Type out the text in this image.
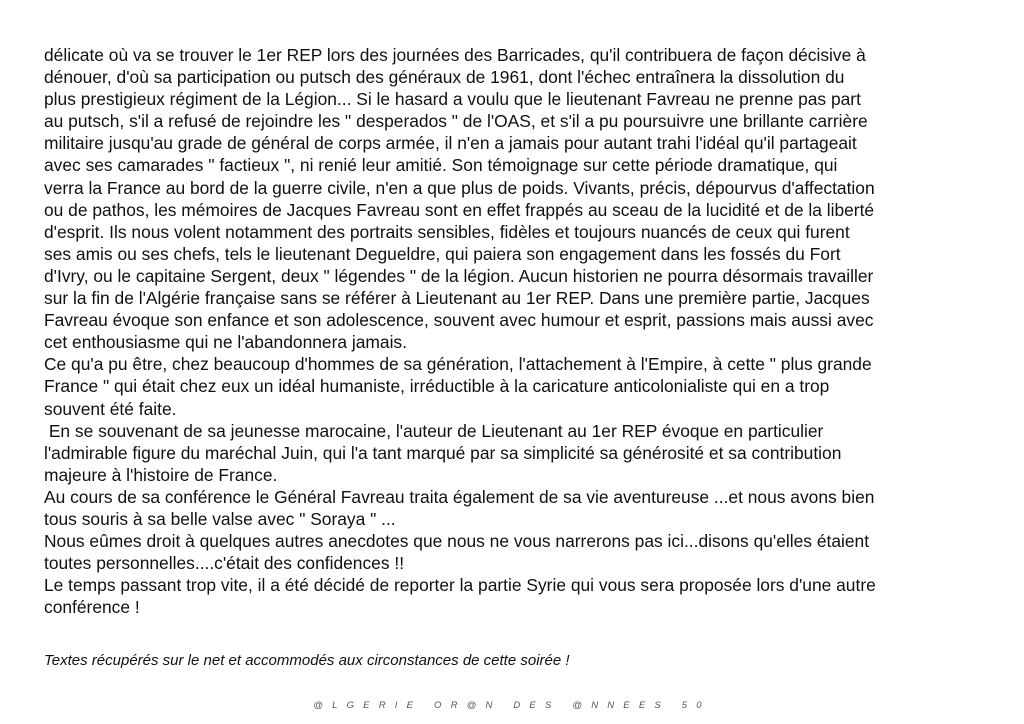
délicate où va se trouver le 1er REP lors des journées des Barricades, qu'il contribuera de façon décisive à
dénouer, d'où sa participation ou putsch des généraux de 1961, dont l'échec entraînera la dissolution du
plus prestigieux régiment de la Légion... Si le hasard a voulu que le lieutenant Favreau ne prenne pas part
au putsch, s'il a refusé de rejoindre les " desperados " de l'OAS, et s'il a pu poursuivre une brillante carrière
militaire jusqu'au grade de général de corps armée, il n'en a jamais pour autant trahi l'idéal qu'il partageait
avec ses camarades " factieux ", ni renié leur amitié. Son témoignage sur cette période dramatique, qui
verra la France au bord de la guerre civile, n'en a que plus de poids. Vivants, précis, dépourvus d'affectation
ou de pathos, les mémoires de Jacques Favreau sont en effet frappés au sceau de la lucidité et de la liberté
d'esprit. Ils nous volent notamment des portraits sensibles, fidèles et toujours nuancés de ceux qui furent
ses amis ou ses chefs, tels le lieutenant Degueldre, qui paiera son engagement dans les fossés du Fort
d'Ivry, ou le capitaine Sergent, deux " légendes " de la légion. Aucun historien ne pourra désormais travailler
sur la fin de l'Algérie française sans se référer à Lieutenant au 1er REP. Dans une première partie, Jacques
Favreau évoque son enfance et son adolescence, souvent avec humour et esprit, passions mais aussi avec
cet enthousiasme qui ne l'abandonnera jamais.
Ce qu'a pu être, chez beaucoup d'hommes de sa génération, l'attachement à l'Empire, à cette " plus grande
France " qui était chez eux un idéal humaniste, irréductible à la caricature anticolonialiste qui en a trop
souvent été faite.
En se souvenant de sa jeunesse marocaine, l'auteur de Lieutenant au 1er REP évoque en particulier
l'admirable figure du maréchal Juin, qui l'a tant marqué par sa simplicité sa générosité et sa contribution
majeure à l'histoire de France.
Au cours de sa conférence le Général Favreau traita également de sa vie aventureuse ...et nous avons bien
tous souris à sa belle valse avec " Soraya " ...
Nous eûmes droit à quelques autres anecdotes que nous ne vous narrerons pas ici...disons qu'elles étaient
toutes personnelles....c'était des confidences !!
Le temps passant trop vite, il a été décidé de reporter la partie Syrie qui vous sera proposée lors d'une autre
conférence !

Textes récupérés sur le net et accommodés aux circonstances de cette soirée !
@LGERIE OR@N DES @NNEES 50
